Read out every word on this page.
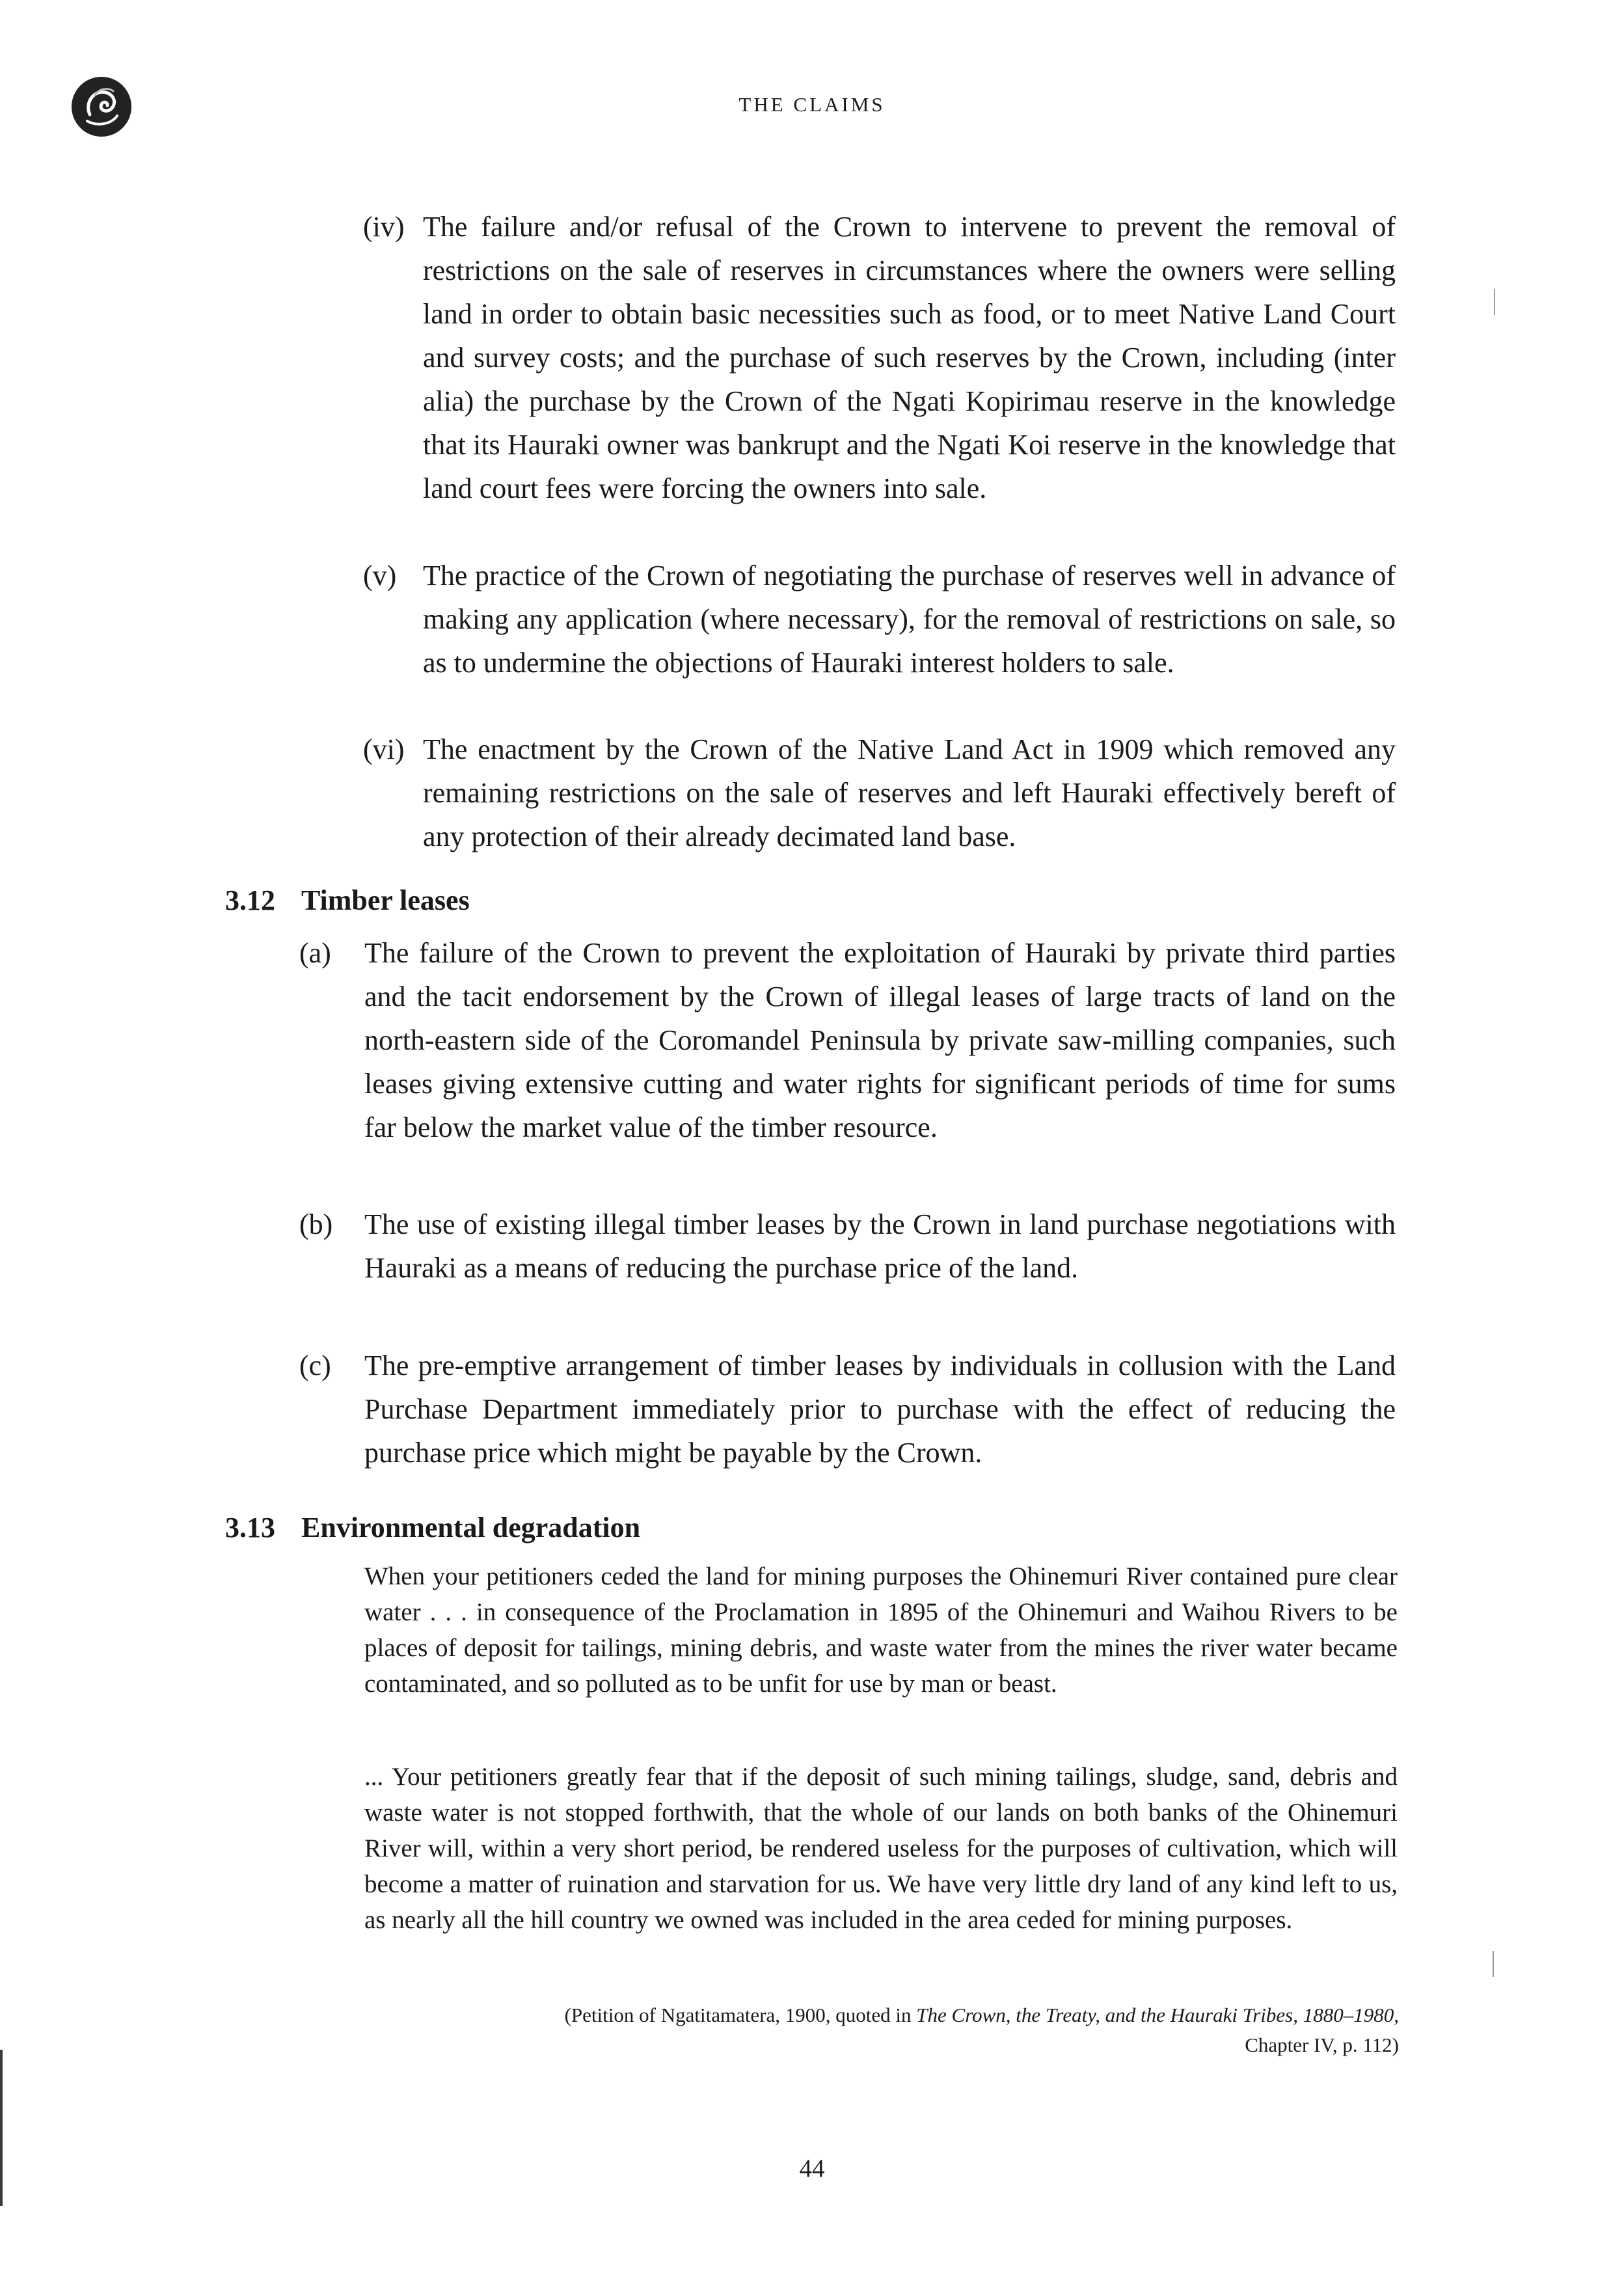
THE CLAIMS
(iv) The failure and/or refusal of the Crown to intervene to prevent the removal of restrictions on the sale of reserves in circumstances where the owners were selling land in order to obtain basic necessities such as food, or to meet Native Land Court and survey costs; and the purchase of such reserves by the Crown, including (inter alia) the purchase by the Crown of the Ngati Kopirimau reserve in the knowledge that its Hauraki owner was bankrupt and the Ngati Koi reserve in the knowledge that land court fees were forcing the owners into sale.
(v) The practice of the Crown of negotiating the purchase of reserves well in advance of making any application (where necessary), for the removal of restrictions on sale, so as to undermine the objections of Hauraki interest holders to sale.
(vi) The enactment by the Crown of the Native Land Act in 1909 which removed any remaining restrictions on the sale of reserves and left Hauraki effectively bereft of any protection of their already decimated land base.
3.12 Timber leases
(a) The failure of the Crown to prevent the exploitation of Hauraki by private third parties and the tacit endorsement by the Crown of illegal leases of large tracts of land on the north-eastern side of the Coromandel Peninsula by private saw-milling companies, such leases giving extensive cutting and water rights for significant periods of time for sums far below the market value of the timber resource.
(b) The use of existing illegal timber leases by the Crown in land purchase negotiations with Hauraki as a means of reducing the purchase price of the land.
(c) The pre-emptive arrangement of timber leases by individuals in collusion with the Land Purchase Department immediately prior to purchase with the effect of reducing the purchase price which might be payable by the Crown.
3.13 Environmental degradation
When your petitioners ceded the land for mining purposes the Ohinemuri River contained pure clear water . . . in consequence of the Proclamation in 1895 of the Ohinemuri and Waihou Rivers to be places of deposit for tailings, mining debris, and waste water from the mines the river water became contaminated, and so polluted as to be unfit for use by man or beast.
... Your petitioners greatly fear that if the deposit of such mining tailings, sludge, sand, debris and waste water is not stopped forthwith, that the whole of our lands on both banks of the Ohinemuri River will, within a very short period, be rendered useless for the purposes of cultivation, which will become a matter of ruination and starvation for us. We have very little dry land of any kind left to us, as nearly all the hill country we owned was included in the area ceded for mining purposes.
(Petition of Ngatitamatera, 1900, quoted in The Crown, the Treaty, and the Hauraki Tribes, 1880–1980, Chapter IV, p. 112)
44
